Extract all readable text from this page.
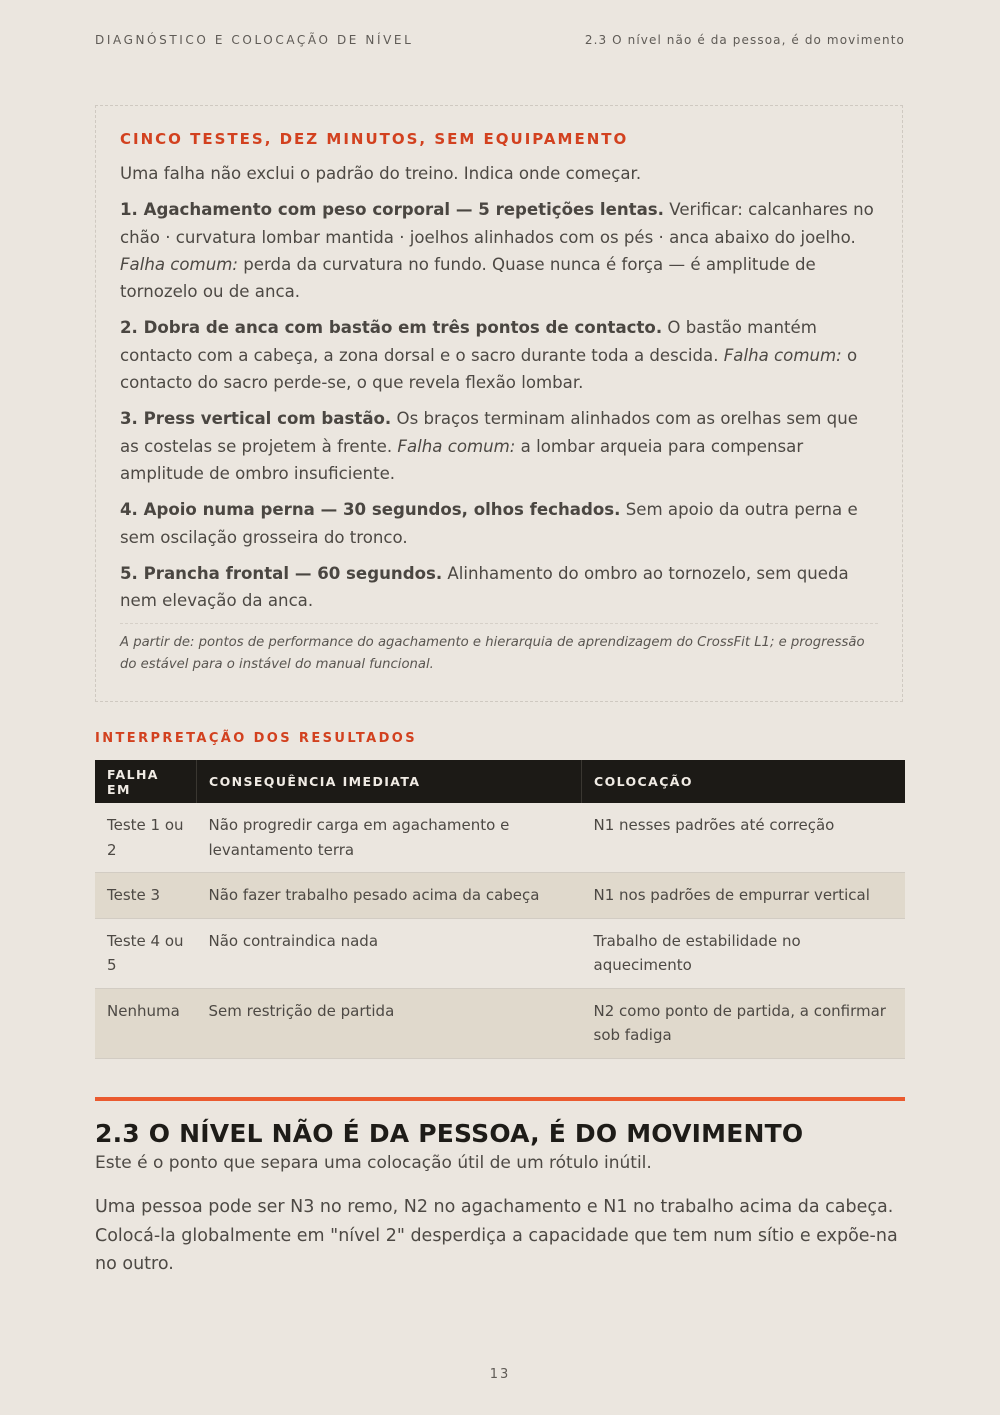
DIAGNÓSTICO E COLOCAÇÃO DE NÍVEL	2.3 O nível não é da pessoa, é do movimento
CINCO TESTES, DEZ MINUTOS, SEM EQUIPAMENTO

Uma falha não exclui o padrão do treino. Indica onde começar.

1. Agachamento com peso corporal — 5 repetições lentas. Verificar: calcanhares no chão · curvatura lombar mantida · joelhos alinhados com os pés · anca abaixo do joelho. Falha comum: perda da curvatura no fundo. Quase nunca é força — é amplitude de tornozelo ou de anca.

2. Dobra de anca com bastão em três pontos de contacto. O bastão mantém contacto com a cabeça, a zona dorsal e o sacro durante toda a descida. Falha comum: o contacto do sacro perde-se, o que revela flexão lombar.

3. Press vertical com bastão. Os braços terminam alinhados com as orelhas sem que as costelas se projetem à frente. Falha comum: a lombar arqueia para compensar amplitude de ombro insuficiente.

4. Apoio numa perna — 30 segundos, olhos fechados. Sem apoio da outra perna e sem oscilação grosseira do tronco.

5. Prancha frontal — 60 segundos. Alinhamento do ombro ao tornozelo, sem queda nem elevação da anca.

A partir de: pontos de performance do agachamento e hierarquia de aprendizagem do CrossFit L1; e progressão do estável para o instável do manual funcional.
INTERPRETAÇÃO DOS RESULTADOS
FALHA EM	CONSEQUÊNCIA IMEDIATA	COLOCAÇÃO
Teste 1 ou 2	Não progredir carga em agachamento e levantamento terra	N1 nesses padrões até correção
Teste 3	Não fazer trabalho pesado acima da cabeça	N1 nos padrões de empurrar vertical
Teste 4 ou 5	Não contraindica nada	Trabalho de estabilidade no aquecimento
Nenhuma	Sem restrição de partida	N2 como ponto de partida, a confirmar sob fadiga
2.3 O NÍVEL NÃO É DA PESSOA, É DO MOVIMENTO

Este é o ponto que separa uma colocação útil de um rótulo inútil.

Uma pessoa pode ser N3 no remo, N2 no agachamento e N1 no trabalho acima da cabeça. Colocá-la globalmente em "nível 2" desperdiça a capacidade que tem num sítio e expõe-na no outro.

13
